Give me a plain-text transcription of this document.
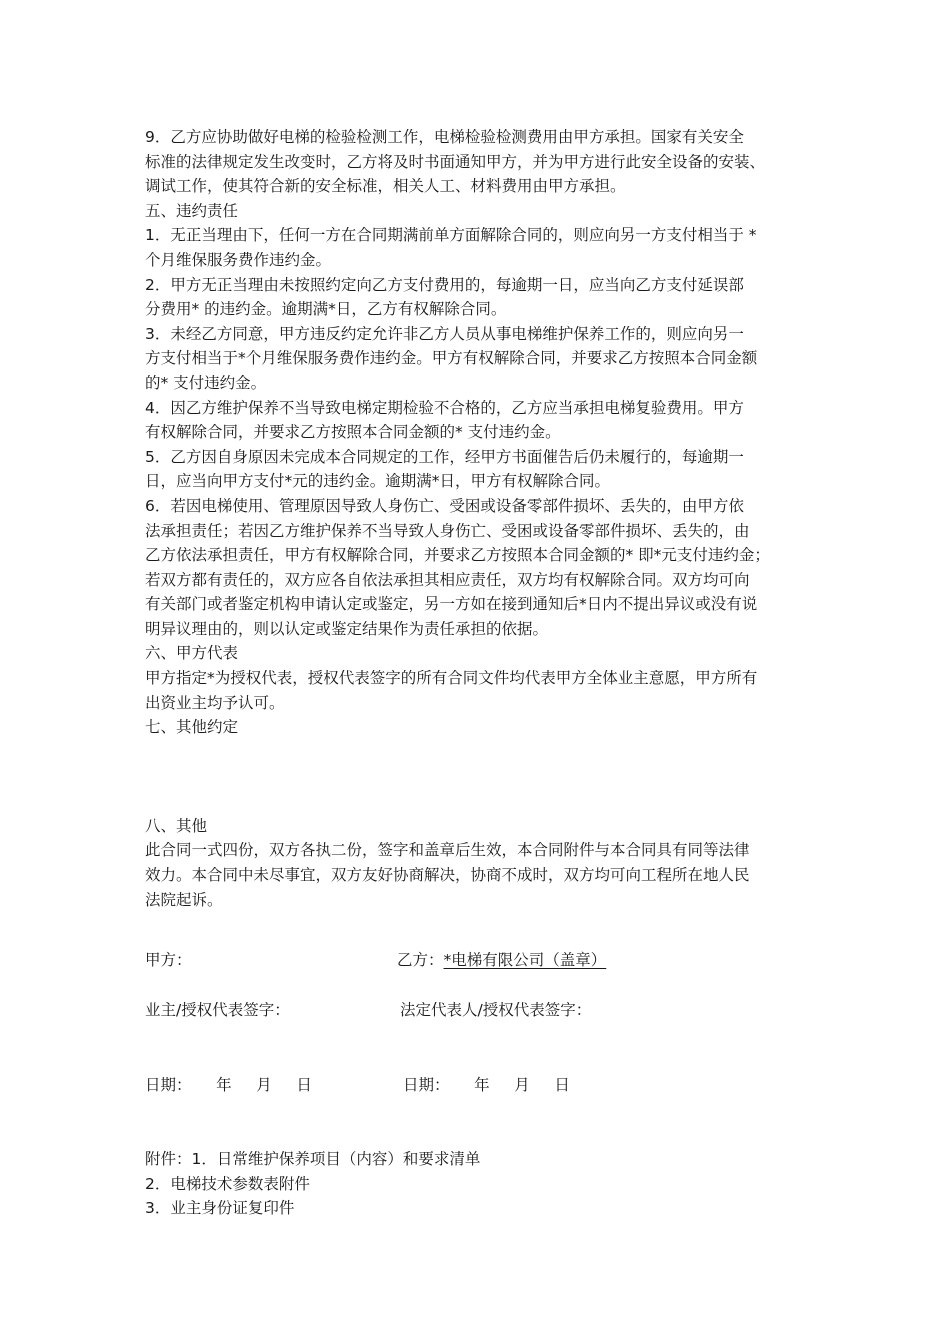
9．乙方应协助做好电梯的检验检测工作，电梯检验检测费用由甲方承担。国家有关安全

标准的法律规定发生改变时，乙方将及时书面通知甲方，并为甲方进行此安全设备的安装、

调试工作，使其符合新的安全标准，相关人工、材料费用由甲方承担。

五、违约责任

1．无正当理由下，任何一方在合同期满前单方面解除合同的，则应向另一方支付相当于 *

个月维保服务费作违约金。

2．甲方无正当理由未按照约定向乙方支付费用的，每逾期一日，应当向乙方支付延误部

分费用* 的违约金。逾期满*日，乙方有权解除合同。

3．未经乙方同意，甲方违反约定允许非乙方人员从事电梯维护保养工作的，则应向另一

方支付相当于*个月维保服务费作违约金。甲方有权解除合同，并要求乙方按照本合同金额

的* 支付违约金。

4．因乙方维护保养不当导致电梯定期检验不合格的，乙方应当承担电梯复验费用。甲方

有权解除合同，并要求乙方按照本合同金额的* 支付违约金。

5．乙方因自身原因未完成本合同规定的工作，经甲方书面催告后仍未履行的，每逾期一

日，应当向甲方支付*元的违约金。逾期满*日，甲方有权解除合同。

6．若因电梯使用、管理原因导致人身伤亡、受困或设备零部件损坏、丢失的，由甲方依

法承担责任；若因乙方维护保养不当导致人身伤亡、受困或设备零部件损坏、丢失的，由

乙方依法承担责任，甲方有权解除合同，并要求乙方按照本合同金额的* 即*元支付违约金；

若双方都有责任的，双方应各自依法承担其相应责任，双方均有权解除合同。双方均可向

有关部门或者鉴定机构申请认定或鉴定，另一方如在接到通知后*日内不提出异议或没有说

明异议理由的，则以认定或鉴定结果作为责任承担的依据。

六、甲方代表

甲方指定*为授权代表，授权代表签字的所有合同文件均代表甲方全体业主意愿，甲方所有

出资业主均予认可。

七、其他约定

八、其他

此合同一式四份，双方各执二份，签字和盖章后生效，本合同附件与本合同具有同等法律

效力。本合同中未尽事宜，双方友好协商解决，协商不成时，双方均可向工程所在地人民

法院起诉。

甲方：	乙方：*电梯有限公司（盖章）
业主/授权代表签字：	法定代表人/授权代表签字：
日期：     年     月     日	日期：     年     月     日

附件：1．日常维护保养项目（内容）和要求清单

2．电梯技术参数表附件

3．业主身份证复印件
